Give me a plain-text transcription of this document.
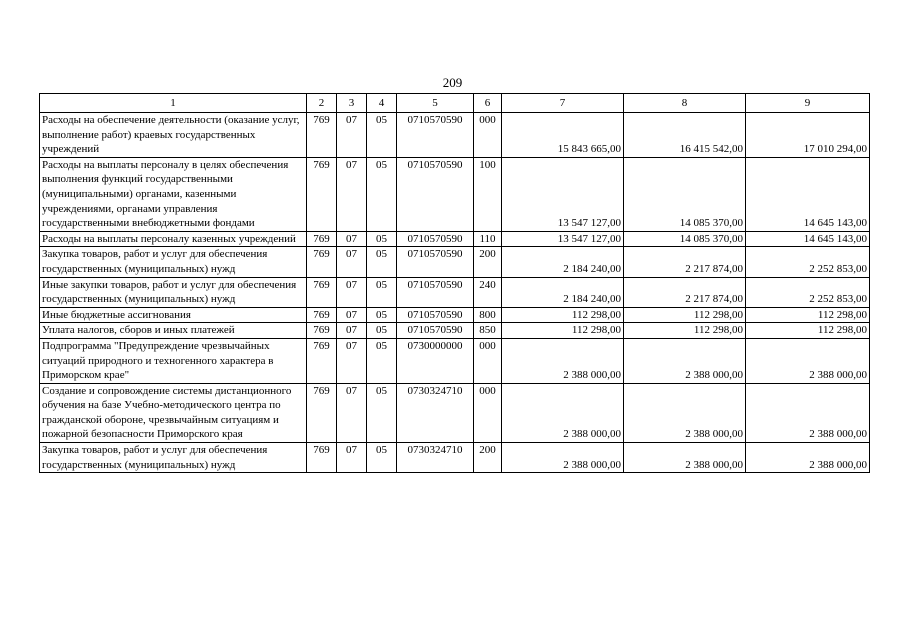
209
1	2	3	4	5	6	7	8	9
Расходы на обеспечение деятельности (оказание услуг, выполнение работ) краевых государственных учреждений	769	07	05	0710570590	000	15 843 665,00	16 415 542,00	17 010 294,00
Расходы на выплаты персоналу в целях обеспечения выполнения функций государственными (муниципальными) органами, казенными учреждениями, органами управления государственными внебюджетными фондами	769	07	05	0710570590	100	13 547 127,00	14 085 370,00	14 645 143,00
Расходы на выплаты персоналу казенных учреждений	769	07	05	0710570590	110	13 547 127,00	14 085 370,00	14 645 143,00
Закупка товаров, работ и услуг для обеспечения государственных (муниципальных) нужд	769	07	05	0710570590	200	2 184 240,00	2 217 874,00	2 252 853,00
Иные закупки товаров, работ и услуг для обеспечения государственных (муниципальных) нужд	769	07	05	0710570590	240	2 184 240,00	2 217 874,00	2 252 853,00
Иные бюджетные ассигнования	769	07	05	0710570590	800	112 298,00	112 298,00	112 298,00
Уплата налогов, сборов и иных платежей	769	07	05	0710570590	850	112 298,00	112 298,00	112 298,00
Подпрограмма "Предупреждение чрезвычайных ситуаций природного и техногенного характера в Приморском крае"	769	07	05	0730000000	000	2 388 000,00	2 388 000,00	2 388 000,00
Создание и сопровождение системы дистанционного обучения на базе Учебно-методического центра по гражданской обороне, чрезвычайным ситуациям и пожарной безопасности Приморского края	769	07	05	0730324710	000	2 388 000,00	2 388 000,00	2 388 000,00
Закупка товаров, работ и услуг для обеспечения государственных (муниципальных) нужд	769	07	05	0730324710	200	2 388 000,00	2 388 000,00	2 388 000,00
